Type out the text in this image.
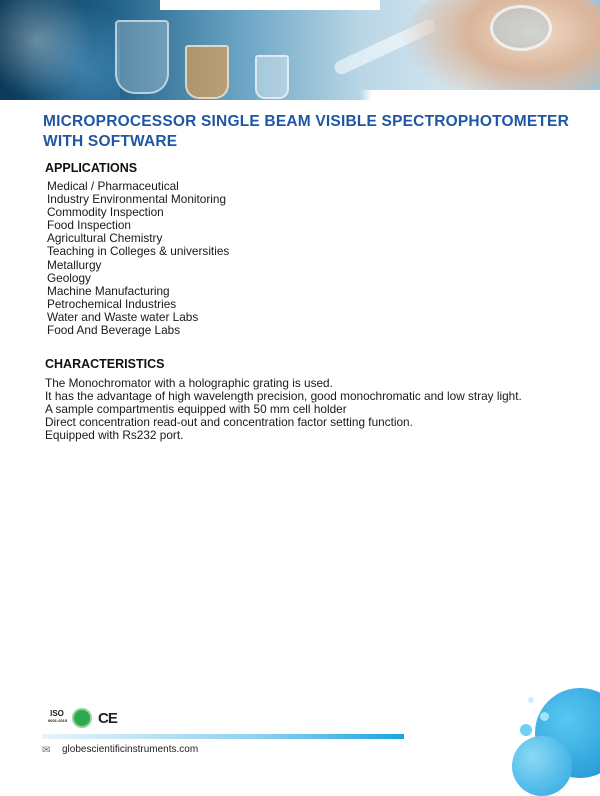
MICROPROCESSOR SINGLE BEAM VISIBLE SPECTROPHOTOMETER WITH SOFTWARE
APPLICATIONS
Medical / Pharmaceutical
Industry Environmental Monitoring
Commodity Inspection
Food Inspection
Agricultural Chemistry
Teaching in Colleges & universities
Metallurgy
Geology
Machine Manufacturing
Petrochemical Industries
Water and Waste water Labs
Food And Beverage Labs
CHARACTERISTICS
The Monochromator with a holographic grating is used.
It has the advantage of high wavelength precision, good monochromatic and low stray light.
A sample compartmentis equipped with 50 mm cell holder
Direct concentration read-out and concentration factor setting function.
Equipped with Rs232 port.
ISO
9001:2015 CE
✉ globescientificinstruments.com
